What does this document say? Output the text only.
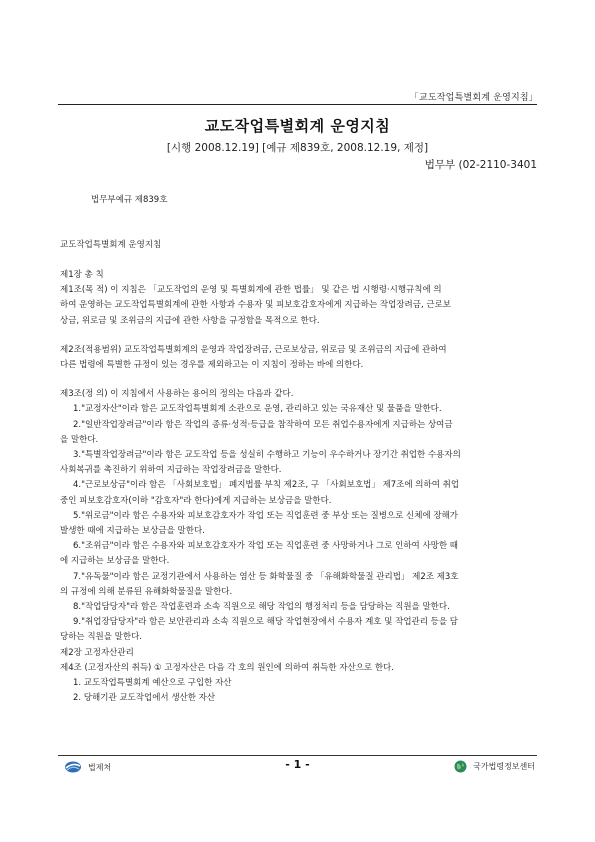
「교도작업특별회계 운영지침」
교도작업특별회계 운영지침
[시행 2008.12.19] [예규 제839호, 2008.12.19, 제정]
법무부 (02-2110-3401
법무부예규 제839호
교도작업특별회계 운영지침

제1장 총 칙

제1조(목 적) 이 지침은 「교도작업의 운영 및 특별회계에 관한 법률」 및 같은 법 시행령·시행규칙에 의

하여 운영하는 교도작업특별회계에 관한 사항과 수용자 및 피보호감호자에게 지급하는 작업장려금, 근로보

상금, 위로금 및 조위금의 지급에 관한 사항을 규정함을 목적으로 한다.

제2조(적용범위) 교도작업특별회계의 운영과 작업장려금, 근로보상금, 위로금 및 조위금의 지급에 관하여

다른 법령에 특별한 규정이 있는 경우를 제외하고는 이 지침이 정하는 바에 의한다.

제3조(정 의) 이 지침에서 사용하는 용어의 정의는 다음과 같다.

1."교정자산"이라 함은 교도작업특별회계 소관으로 운영, 관리하고 있는 국유재산 및 물품을 말한다.

2."일반작업장려금"이라 함은 작업의 종류·성적·등급을 참작하여 모든 취업수용자에게 지급하는 상여금

을 말한다.

3."특별작업장려금"이라 함은 교도작업 등을 성실히 수행하고 기능이 우수하거나 장기간 취업한 수용자의

사회복귀를 촉진하기 위하여 지급하는 작업장려금을 말한다.

4."근로보상금"이라 함은 「사회보호법」 폐지법률 부칙 제2조, 구 「사회보호법」 제7조에 의하여 취업

중인 피보호감호자(이하 "감호자"라 한다)에게 지급하는 보상금을 말한다.

5."위로금"이라 함은 수용자와 피보호감호자가 작업 또는 직업훈련 중 부상 또는 질병으로 신체에 장해가

발생한 때에 지급하는 보상금을 말한다.

6."조위금"이라 함은 수용자와 피보호감호자가 작업 또는 직업훈련 중 사망하거나 그로 인하여 사망한 때

에 지급하는 보상금을 말한다.

7."유독물"이라 함은 교정기관에서 사용하는 염산 등 화학물질 중 「유해화학물질 관리법」 제2조 제3호

의 규정에 의해 분류된 유해화학물질을 말한다.

8."작업담당자"라 함은 작업훈련과 소속 직원으로 해당 작업의 행정처리 등을 담당하는 직원을 말한다.

9."취업장담당자"라 함은 보안관리과 소속 직원으로 해당 작업현장에서 수용자 계호 및 작업관리 등을 담

당하는 직원을 말한다.

제2장 고정자산관리

제4조 (고정자산의 취득) ① 고정자산은 다음 각 호의 원인에 의하여 취득한 자산으로 한다.

1. 교도작업특별회계 예산으로 구입한 자산

2. 당해기관 교도작업에서 생산한 자산

법제처	- 1 -	국가법령정보센터
